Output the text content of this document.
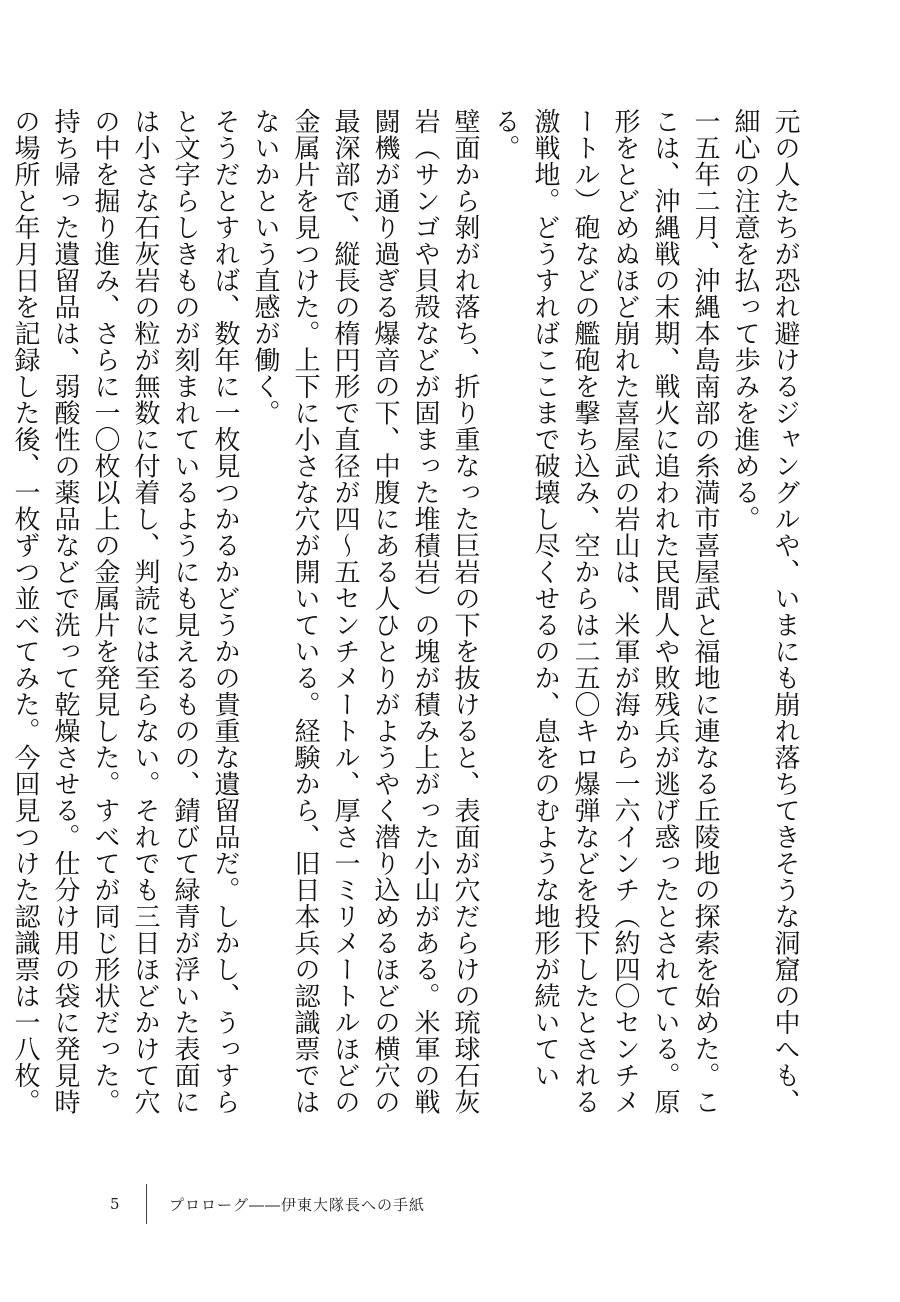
元の人たちが恐れ避けるジャングルや、いまにも崩れ落ちてきそうな洞窟の中へも、細心の注意を払って歩みを進める。

一五年二月、沖縄本島南部の糸満市喜屋武と福地に連なる丘陵地の探索を始めた。ここは、沖縄戦の末期、戦火に追われた民間人や敗残兵が逃げ惑ったとされている。原形をとどめぬほど崩れた喜屋武の岩山は、米軍が海から一六インチ（約四〇センチメートル）砲などの艦砲を撃ち込み、空からは二五〇キロ爆弾などを投下したとされる激戦地。どうすればここまで破壊し尽くせるのか、息をのむような地形が続いている。

壁面から剝がれ落ち、折り重なった巨岩の下を抜けると、表面が穴だらけの琉球石灰岩（サンゴや貝殻などが固まった堆積岩）の塊が積み上がった小山がある。米軍の戦闘機が通り過ぎる爆音の下、中腹にある人ひとりがようやく潜り込めるほどの横穴の最深部で、縦長の楕円形で直径が四～五センチメートル、厚さ一ミリメートルほどの金属片を見つけた。上下に小さな穴が開いている。経験から、旧日本兵の認識票ではないかという直感が働く。

そうだとすれば、数年に一枚見つかるかどうかの貴重な遺留品だ。しかし、うっすらと文字らしきものが刻まれているようにも見えるものの、錆びて緑青が浮いた表面には小さな石灰岩の粒が無数に付着し、判読には至らない。それでも三日ほどかけて穴の中を掘り進み、さらに一〇枚以上の金属片を発見した。すべてが同じ形状だった。

持ち帰った遺留品は、弱酸性の薬品などで洗って乾燥させる。仕分け用の袋に発見時の場所と年月日を記録した後、一枚ずつ並べてみた。今回見つけた認識票は一八枚。

5	プロローグ――伊東大隊長への手紙
